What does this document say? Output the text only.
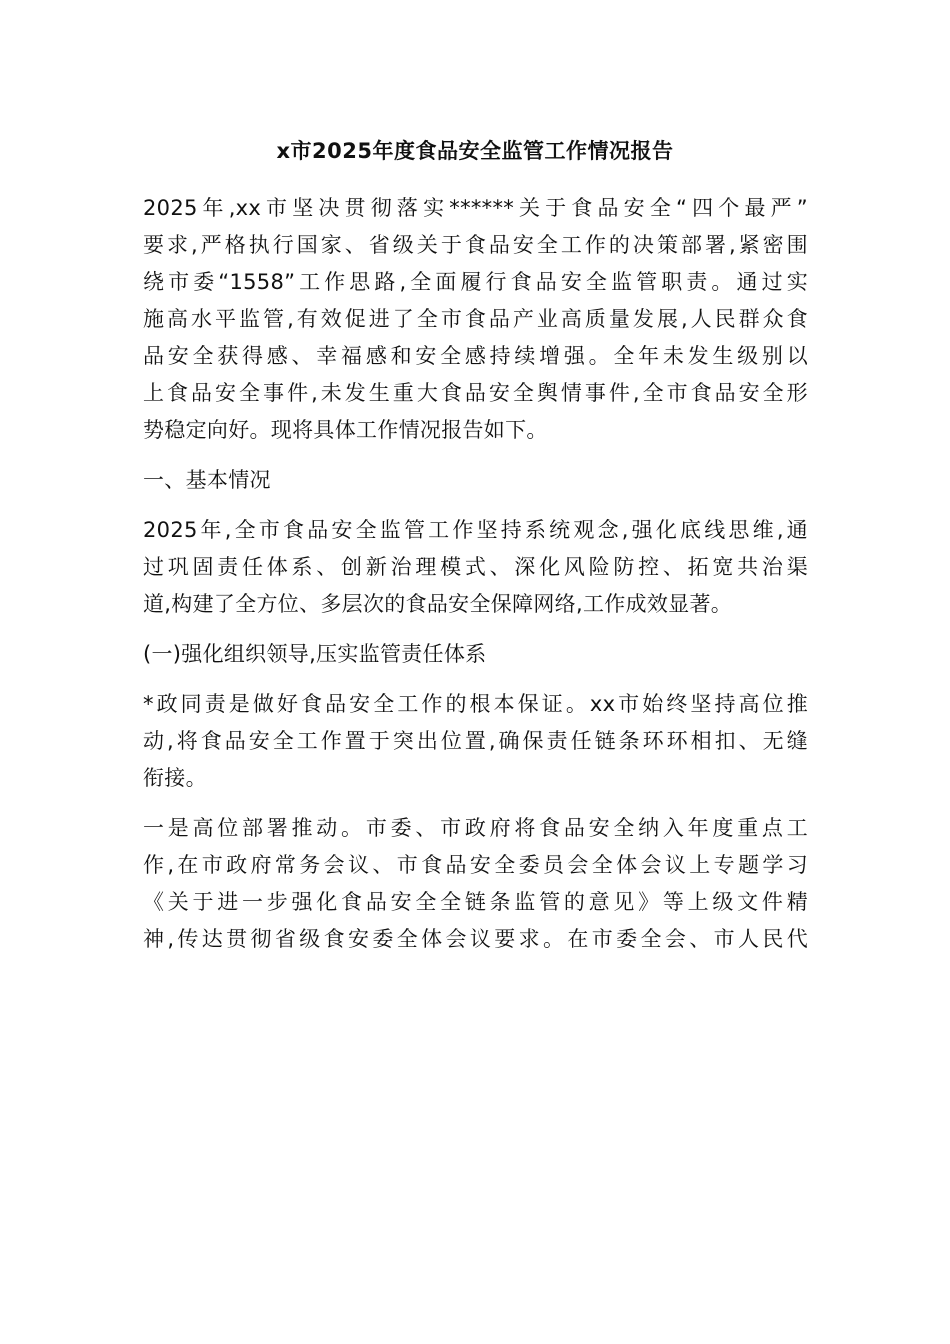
x市2025年度食品安全监管工作情况报告
2025年,xx市坚决贯彻落实******关于食品安全“四个最严”
要求,严格执行国家、省级关于食品安全工作的决策部署,紧密围
绕市委“1558”工作思路,全面履行食品安全监管职责。通过实
施高水平监管,有效促进了全市食品产业高质量发展,人民群众食
品安全获得感、幸福感和安全感持续增强。全年未发生级别以
上食品安全事件,未发生重大食品安全舆情事件,全市食品安全形
势稳定向好。现将具体工作情况报告如下。
一、基本情况
2025年,全市食品安全监管工作坚持系统观念,强化底线思维,通
过巩固责任体系、创新治理模式、深化风险防控、拓宽共治渠
道,构建了全方位、多层次的食品安全保障网络,工作成效显著。
(一)强化组织领导,压实监管责任体系
*政同责是做好食品安全工作的根本保证。xx市始终坚持高位推
动,将食品安全工作置于突出位置,确保责任链条环环相扣、无缝
衔接。
一是高位部署推动。市委、市政府将食品安全纳入年度重点工
作,在市政府常务会议、市食品安全委员会全体会议上专题学习
《关于进一步强化食品安全全链条监管的意见》等上级文件精
神,传达贯彻省级食安委全体会议要求。在市委全会、市人民代
